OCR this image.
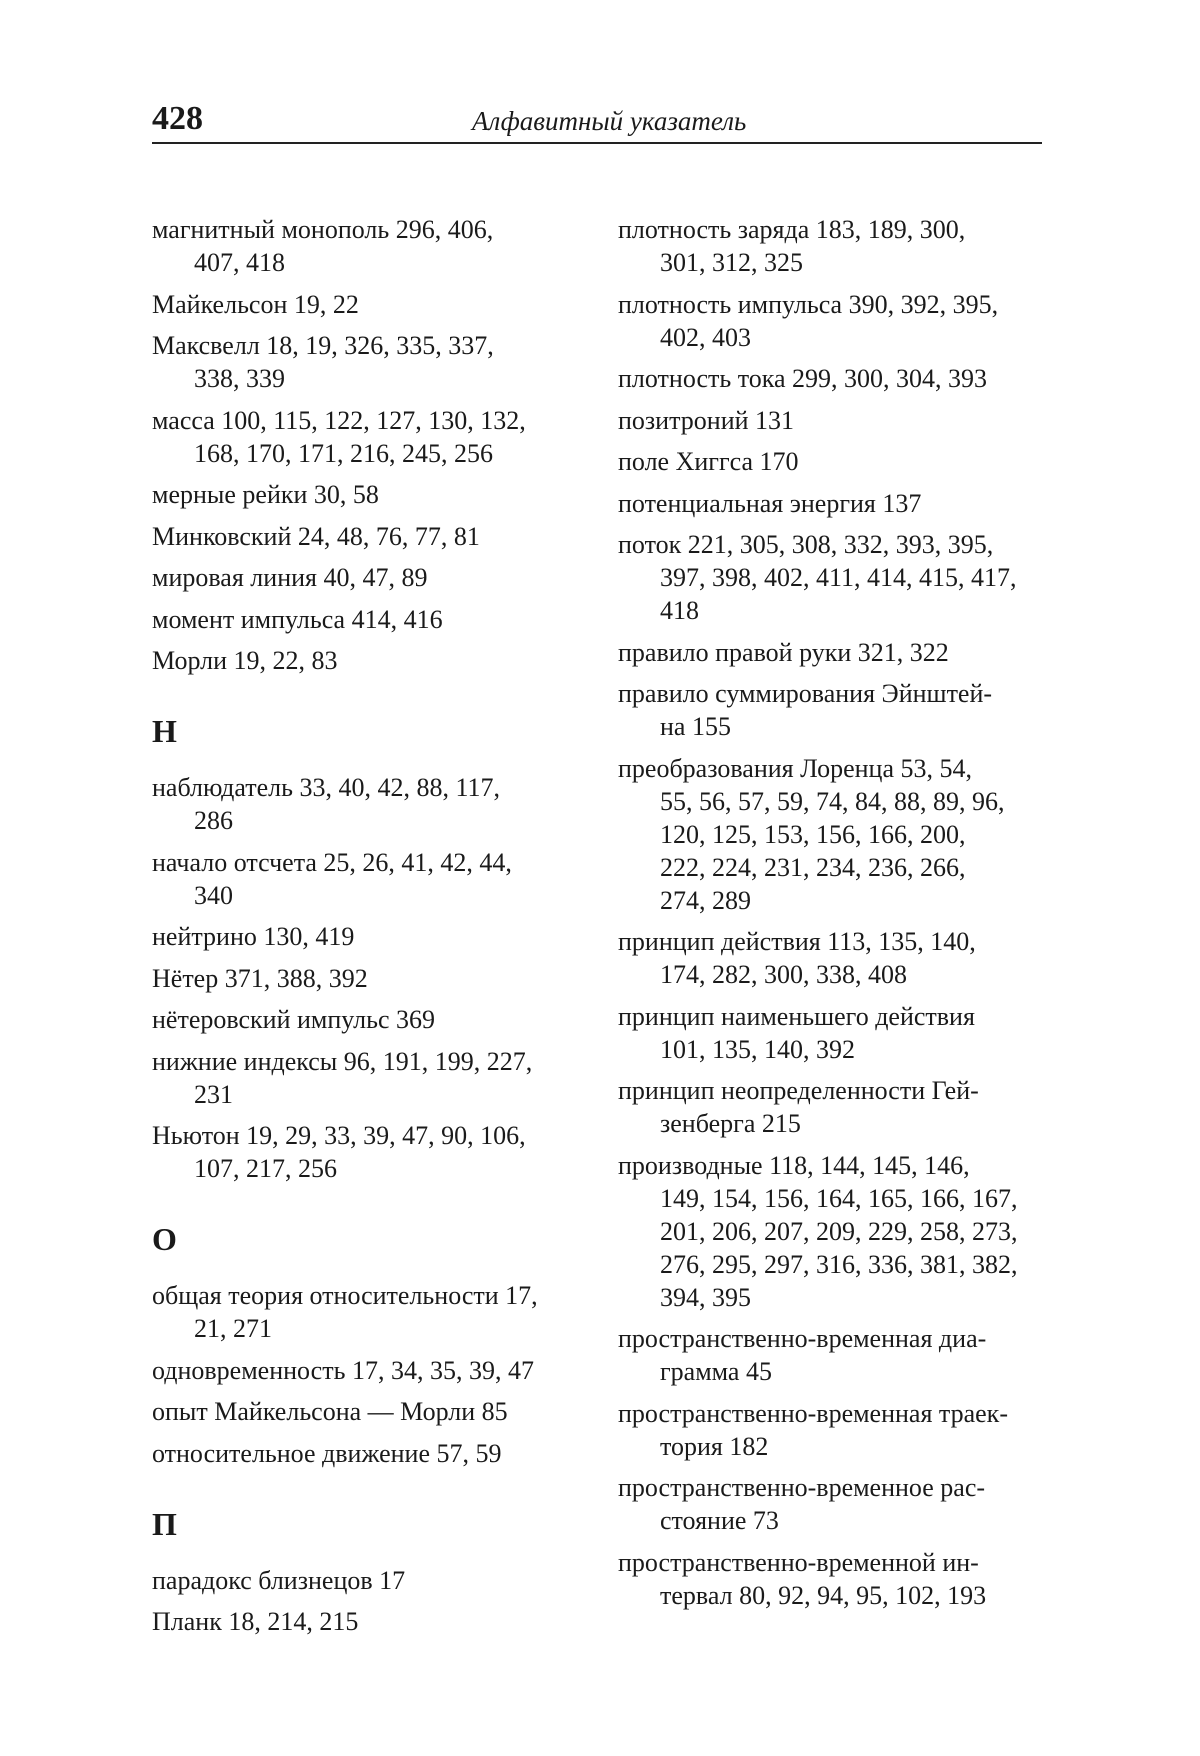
428	Алфавитный указатель
магнитный монополь 296, 406,
407, 418
Майкельсон 19, 22
Максвелл 18, 19, 326, 335, 337,
338, 339
масса 100, 115, 122, 127, 130, 132,
168, 170, 171, 216, 245, 256
мерные рейки 30, 58
Минковский 24, 48, 76, 77, 81
мировая линия 40, 47, 89
момент импульса 414, 416
Морли 19, 22, 83
Н
наблюдатель 33, 40, 42, 88, 117,
286
начало отсчета 25, 26, 41, 42, 44,
340
нейтрино 130, 419
Нётер 371, 388, 392
нётеровский импульс 369
нижние индексы 96, 191, 199, 227,
231
Ньютон 19, 29, 33, 39, 47, 90, 106,
107, 217, 256
О
общая теория относительности 17,
21, 271
одновременность 17, 34, 35, 39, 47
опыт Майкельсона — Морли 85
относительное движение 57, 59
П
парадокс близнецов 17
Планк 18, 214, 215
плотность заряда 183, 189, 300,
301, 312, 325
плотность импульса 390, 392, 395,
402, 403
плотность тока 299, 300, 304, 393
позитроний 131
поле Хиггса 170
потенциальная энергия 137
поток 221, 305, 308, 332, 393, 395,
397, 398, 402, 411, 414, 415, 417,
418
правило правой руки 321, 322
правило суммирования Эйнштей-
на 155
преобразования Лоренца 53, 54,
55, 56, 57, 59, 74, 84, 88, 89, 96,
120, 125, 153, 156, 166, 200,
222, 224, 231, 234, 236, 266,
274, 289
принцип действия 113, 135, 140,
174, 282, 300, 338, 408
принцип наименьшего действия
101, 135, 140, 392
принцип неопределенности Гей-
зенберга 215
производные 118, 144, 145, 146,
149, 154, 156, 164, 165, 166, 167,
201, 206, 207, 209, 229, 258, 273,
276, 295, 297, 316, 336, 381, 382,
394, 395
пространственно-временная диа-
грамма 45
пространственно-временная траек-
тория 182
пространственно-временное рас-
стояние 73
пространственно-временной ин-
тервал 80, 92, 94, 95, 102, 193
